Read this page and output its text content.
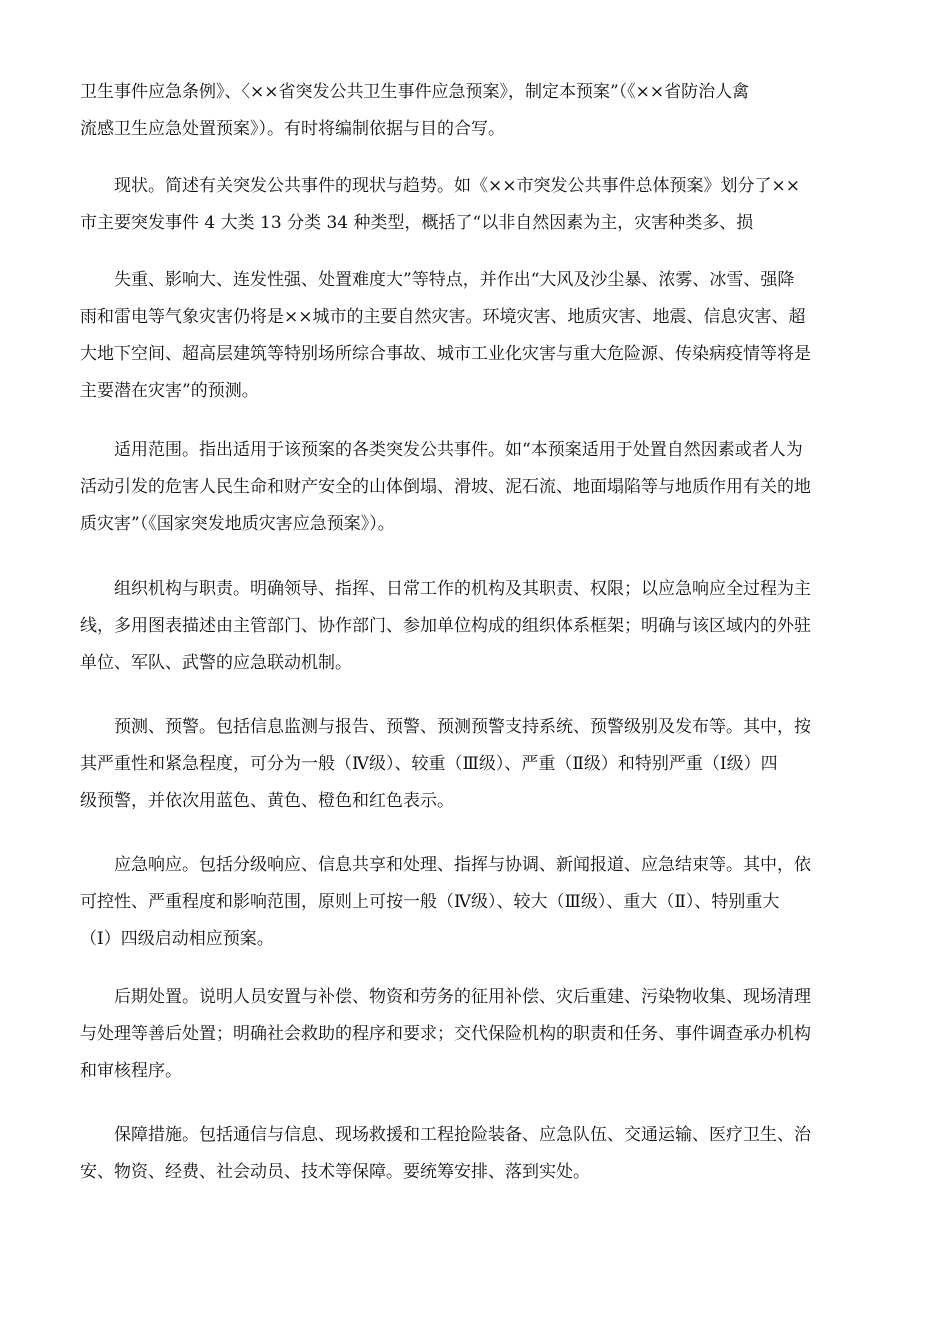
卫生事件应急条例》、〈××省突发公共卫生事件应急预案》，制定本预案”（《××省防治人禽
流感卫生应急处置预案》）。有时将编制依据与目的合写。
　　现状。简述有关突发公共事件的现状与趋势。如《××市突发公共事件总体预案》划分了××
市主要突发事件 4 大类 13 分类 34 种类型，概括了“以非自然因素为主，灾害种类多、损
　　失重、影响大、连发性强、处置难度大”等特点，并作出“大风及沙尘暴、浓雾、冰雪、强降
雨和雷电等气象灾害仍将是××城市的主要自然灾害。环境灾害、地质灾害、地震、信息灾害、超
大地下空间、超高层建筑等特别场所综合事故、城市工业化灾害与重大危险源、传染病疫情等将是
主要潜在灾害”的预测。
　　适用范围。指出适用于该预案的各类突发公共事件。如“本预案适用于处置自然因素或者人为
活动引发的危害人民生命和财产安全的山体倒塌、滑坡、泥石流、地面塌陷等与地质作用有关的地
质灾害”（《国家突发地质灾害应急预案》）。
　　组织机构与职责。明确领导、指挥、日常工作的机构及其职责、权限；以应急响应全过程为主
线，多用图表描述由主管部门、协作部门、参加单位构成的组织体系框架；明确与该区域内的外驻
单位、军队、武警的应急联动机制。
　　预测、预警。包括信息监测与报告、预警、预测预警支持系统、预警级别及发布等。其中，按
其严重性和紧急程度，可分为一般（Ⅳ级）、较重（Ⅲ级）、严重（Ⅱ级）和特别严重（Ⅰ级）四
级预警，并依次用蓝色、黄色、橙色和红色表示。
　　应急响应。包括分级响应、信息共享和处理、指挥与协调、新闻报道、应急结束等。其中，依
可控性、严重程度和影响范围，原则上可按一般（Ⅳ级）、较大（Ⅲ级）、重大（Ⅱ）、特别重大
（Ⅰ）四级启动相应预案。
　　后期处置。说明人员安置与补偿、物资和劳务的征用补偿、灾后重建、污染物收集、现场清理
与处理等善后处置；明确社会救助的程序和要求；交代保险机构的职责和任务、事件调查承办机构
和审核程序。
　　保障措施。包括通信与信息、现场救援和工程抢险装备、应急队伍、交通运输、医疗卫生、治
安、物资、经费、社会动员、技术等保障。要统筹安排、落到实处。
